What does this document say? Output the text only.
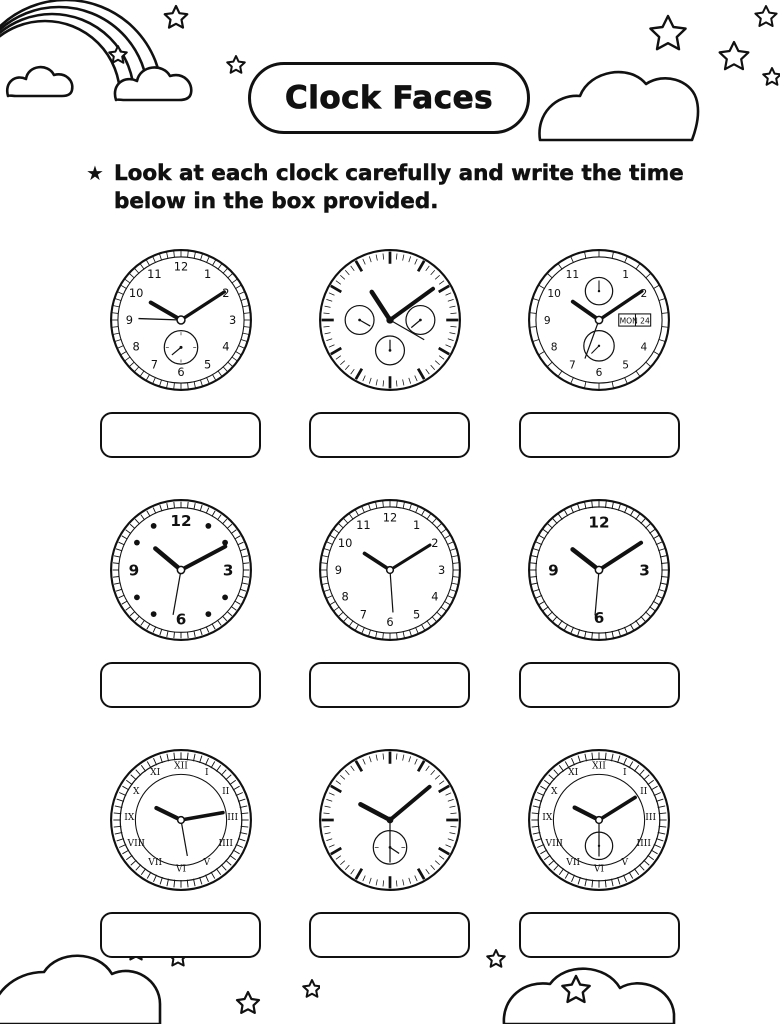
Clock Faces
★ Look at each clock carefully and write the time below in the box provided.
12
1
2
3
4
5
6
7
8
9
10
11	1
2
4
5
6
7
8
9
10
11
MON 24
12
3
6
9
12
1
2
3
4
5
6
7
8
9
10
11	12
3
6
9
XII
I
II
III
IIII
V
VI
VII
VIII
IX
X
XI
XII
I
II
III
IIII
V
VI
VII
VIII
IX
X
XI
